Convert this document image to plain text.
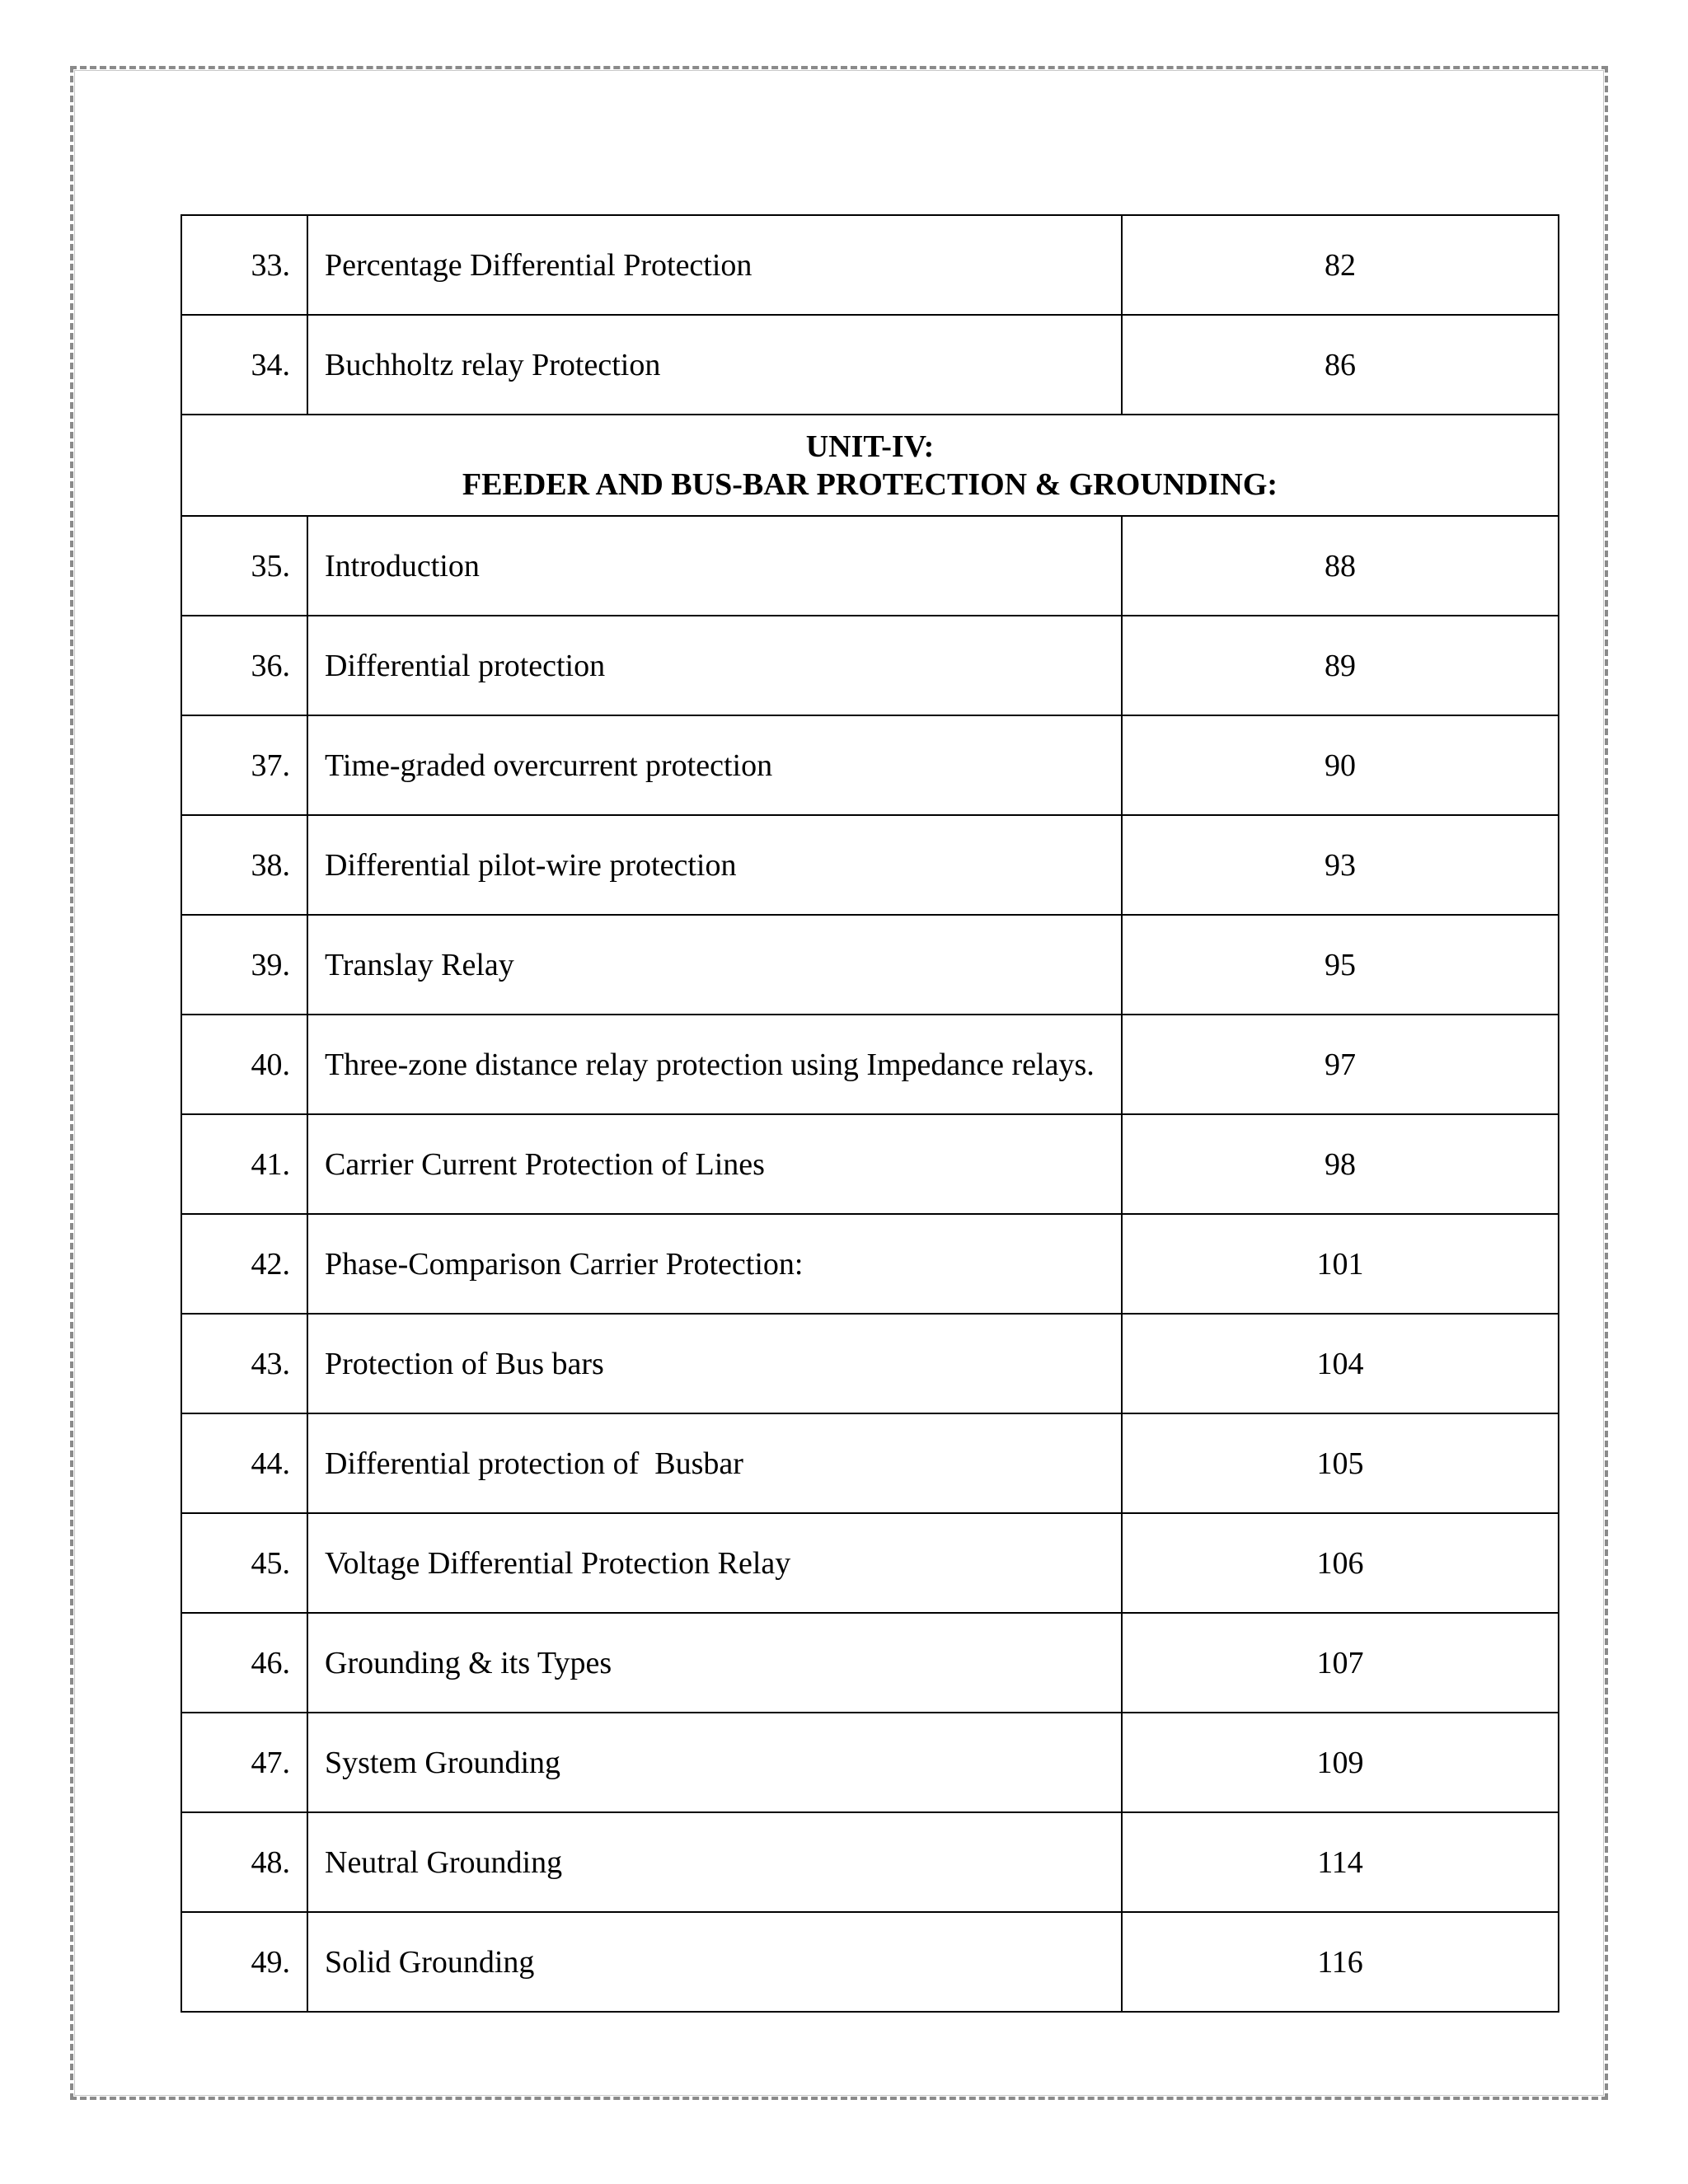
33.	Percentage Differential Protection	82
34.	Buchholtz relay Protection	86

UNIT-IV:
FEEDER AND BUS-BAR PROTECTION & GROUNDING:		

35.	Introduction	88
36.	Differential protection	89
37.	Time-graded overcurrent protection	90
38.	Differential pilot-wire protection	93
39.	Translay Relay	95
40.	Three-zone distance relay protection using Impedance relays.	97
41.	Carrier Current Protection of Lines	98
42.	Phase-Comparison Carrier Protection:	101
43.	Protection of Bus bars	104
44.	Differential protection of  Busbar	105
45.	Voltage Differential Protection Relay	106
46.	Grounding & its Types	107
47.	System Grounding	109
48.	Neutral Grounding	114
49.	Solid Grounding	116
